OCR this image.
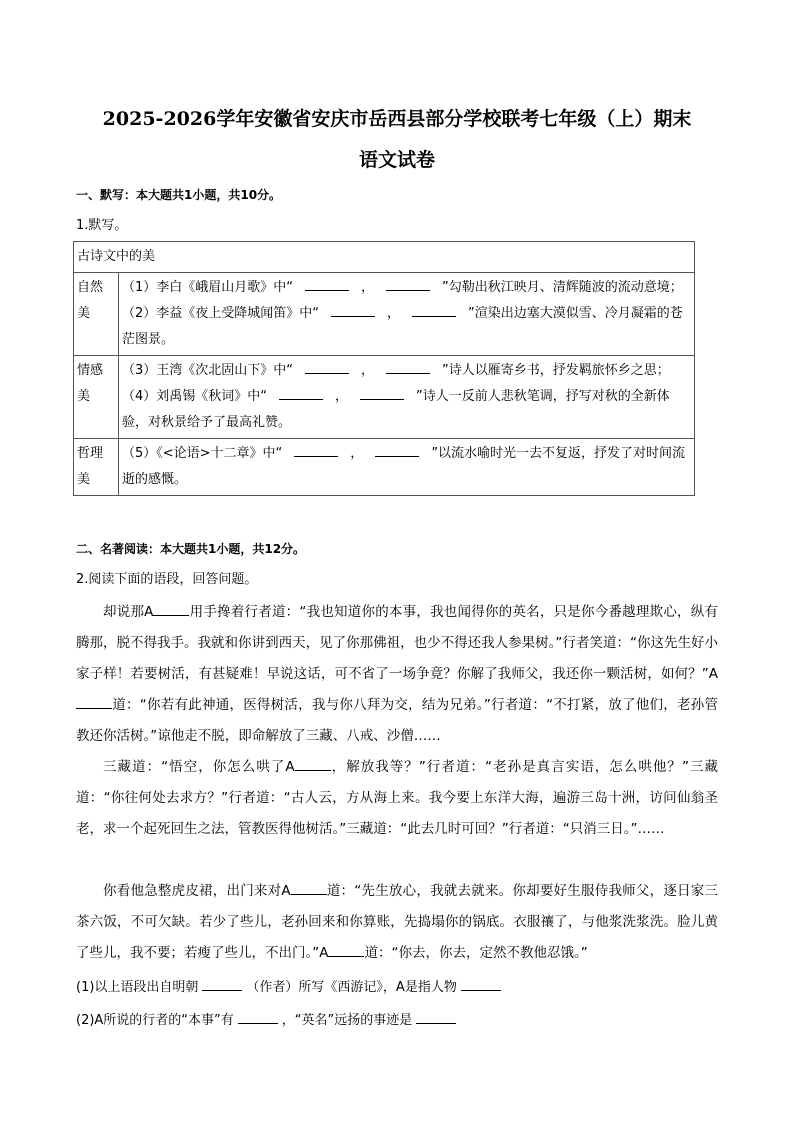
2025-2026学年安徽省安庆市岳西县部分学校联考七年级（上）期末
语文试卷
一、默写：本大题共1小题，共10分。
1.默写。
古诗文中的美	
自然美	（1）李白《峨眉山月歌》中“ ， ”勾勒出秋江映月、清辉随波的流动意境；（2）李益《夜上受降城闻笛》中“ ， ”渲染出边塞大漠似雪、冷月凝霜的苍茫图景。
情感美	（3）王湾《次北固山下》中“ ， ”诗人以雁寄乡书，抒发羁旅怀乡之思；（4）刘禹锡《秋词》中“ ， ”诗人一反前人悲秋笔调，抒写对秋的全新体验，对秋景给予了最高礼赞。
哲理美	（5）《<论语>十二章》中“ ， ”以流水喻时光一去不复返，抒发了对时间流逝的感慨。
二、名著阅读：本大题共1小题，共12分。
2.阅读下面的语段，回答问题。
却说那A	用手搀着行者道：“我也知道你的本事，我也闻得你的英名，只是你今番越理欺心，纵有腾那，脱不得我手。我就和你讲到西天，见了你那佛祖，也少不得还我人参果树。”行者笑道：“你这先生好小家子样！若要树活，有甚疑难！早说这话，可不省了一场争竟？你解了我师父，我还你一颗活树，如何？”A道：“你若有此神通，医得树活，我与你八拜为交，结为兄弟。”行者道：“不打紧，放了他们，老孙管教还你活树。”谅他走不脱，即命解放了三藏、八戒、沙僧……
三藏道：“悟空，你怎么哄了A	，解放我等？”行者道：“老孙是真言实语，怎么哄他？”三藏道：“你往何处去求方？”行者道：“古人云，方从海上来。我今要上东洋大海，遍游三岛十洲，访问仙翁圣老，求一个起死回生之法，管教医得他树活。”三藏道：“此去几时可回？”行者道：“只消三日。”……
你看他急整虎皮裙，出门来对A	道：“先生放心，我就去就来。你却要好生服侍我师父，逐日家三茶六饭，不可欠缺。若少了些儿，老孙回来和你算账，先捣塌你的锅底。衣服禳了，与他浆洗浆洗。脸儿黄了些儿，我不要；若瘦了些儿，不出门。”A	道：“你去，你去，定然不教他忍饿。”
(1)以上语段出自明朝	（作者）所写《西游记》，A是指人物
(2)A所说的行者的“本事”有	，“英名”远扬的事迹是
